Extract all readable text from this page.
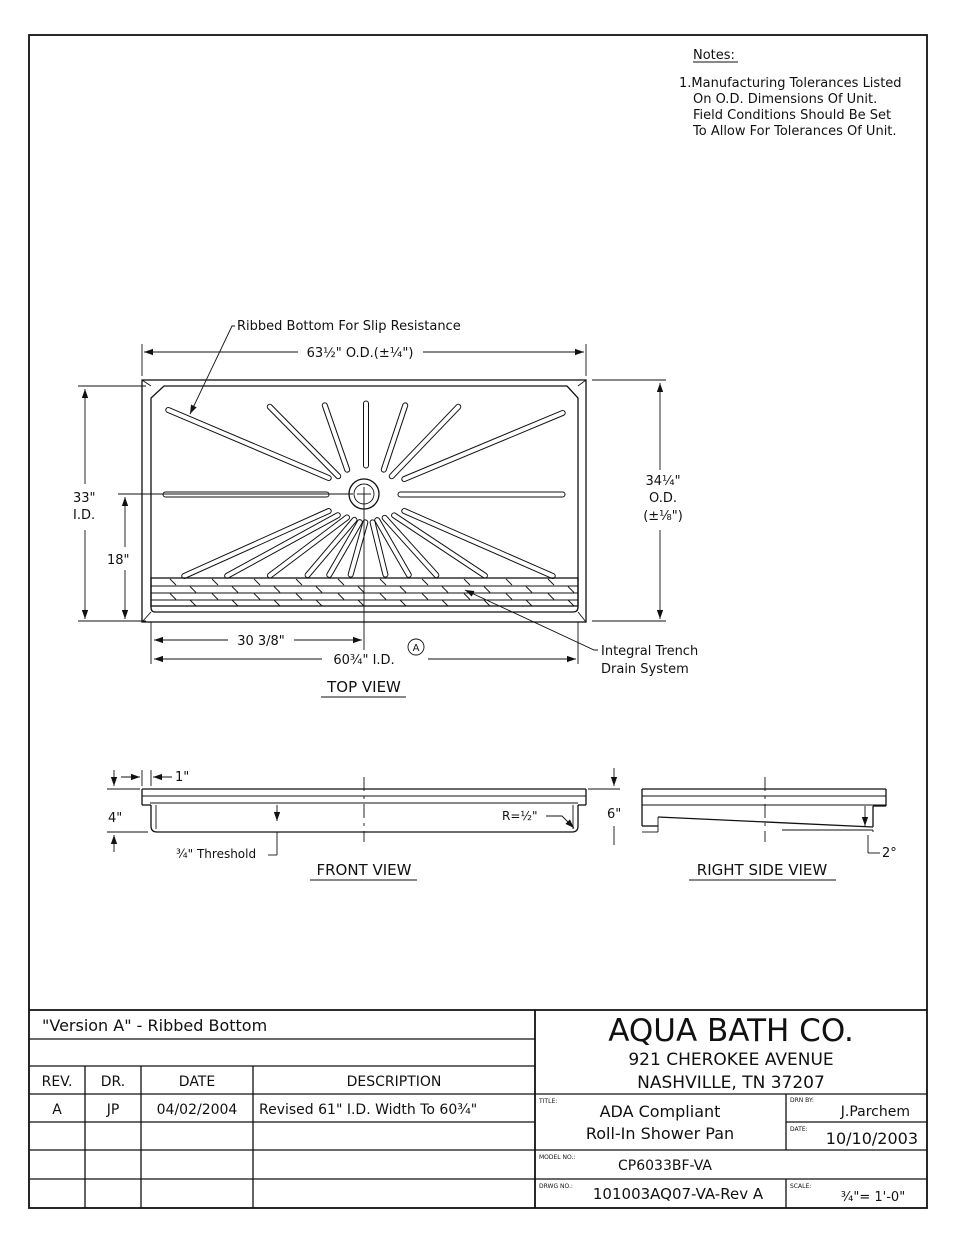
Notes:
1.Manufacturing Tolerances Listed
On O.D. Dimensions Of Unit.
Field Conditions Should Be Set
To Allow For Tolerances Of Unit.
63½" O.D.(±¼")
Ribbed Bottom For Slip Resistance
33"
I.D.
18"
34¼"
O.D.
(±⅛")
30 3/8"
60¾" I.D.
A	Integral Trench
Drain System
TOP VIEW
1"
4"	R=½"
¾" Threshold
6"
FRONT VIEW
2°
RIGHT SIDE VIEW
"Version A" - Ribbed Bottom
REV. DR.	DATE	DESCRIPTION
A	JP	04/02/2004 Revised 61" I.D. Width To 60¾"
AQUA BATH CO.
921 CHEROKEE AVENUE
NASHVILLE, TN 37207
TITLE:
ADA Compliant
Roll-In Shower Pan
DRN BY:
J.Parchem
DATE: 10/10/2003
MODEL NO.:
CP6033BF-VA
DRWG NO.: 101003AQ07-VA-Rev A	SCALE:
¾"= 1'-0"
